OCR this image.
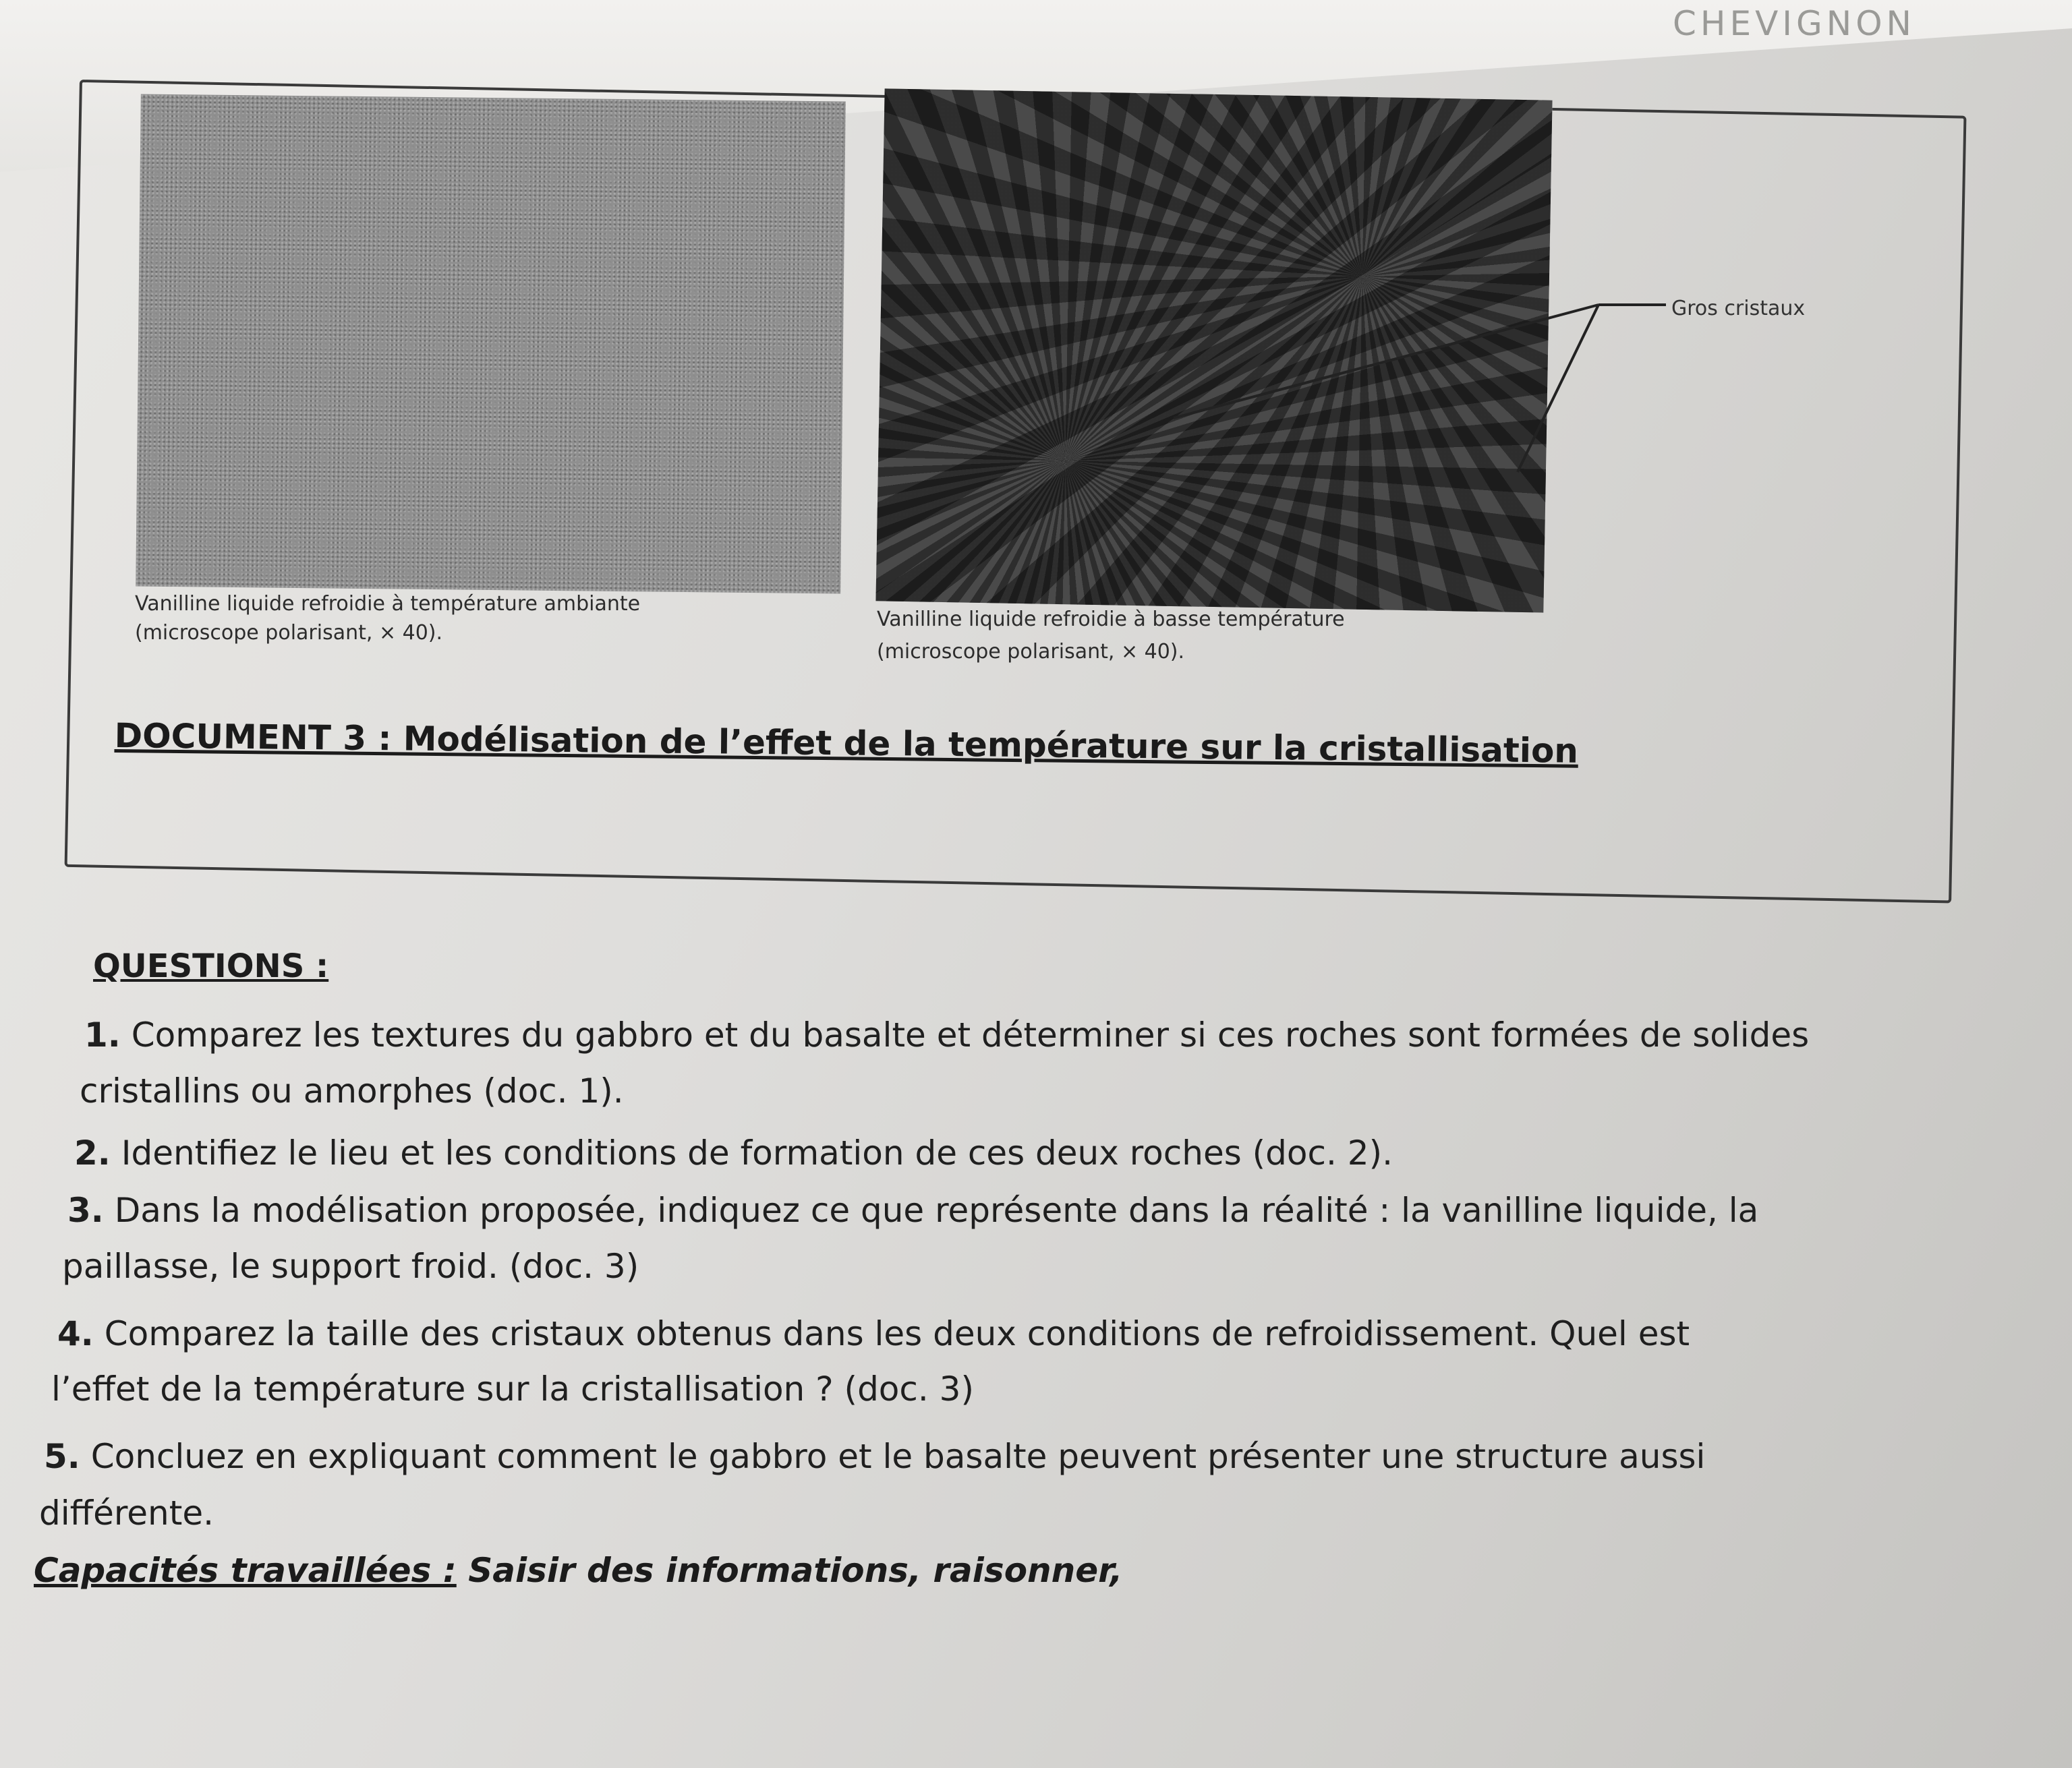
CHEVIGNON
Gros cristaux
Vanilline liquide refroidie à température ambiante
(microscope polarisant, × 40).
Vanilline liquide refroidie à basse température
(microscope polarisant, × 40).
DOCUMENT 3 : Modélisation de l’effet de la température sur la cristallisation
QUESTIONS :
1. Comparez les textures du gabbro et du basalte et déterminer si ces roches sont formées de solides
cristallins ou amorphes (doc. 1).
2. Identifiez le lieu et les conditions de formation de ces deux roches (doc. 2).
3. Dans la modélisation proposée, indiquez ce que représente dans la réalité : la vanilline liquide, la
paillasse, le support froid. (doc. 3)
4. Comparez la taille des cristaux obtenus dans les deux conditions de refroidissement. Quel est
l’effet de la température sur la cristallisation ? (doc. 3)
5. Concluez en expliquant comment le gabbro et le basalte peuvent présenter une structure aussi
différente.
Capacités travaillées : Saisir des informations, raisonner,
